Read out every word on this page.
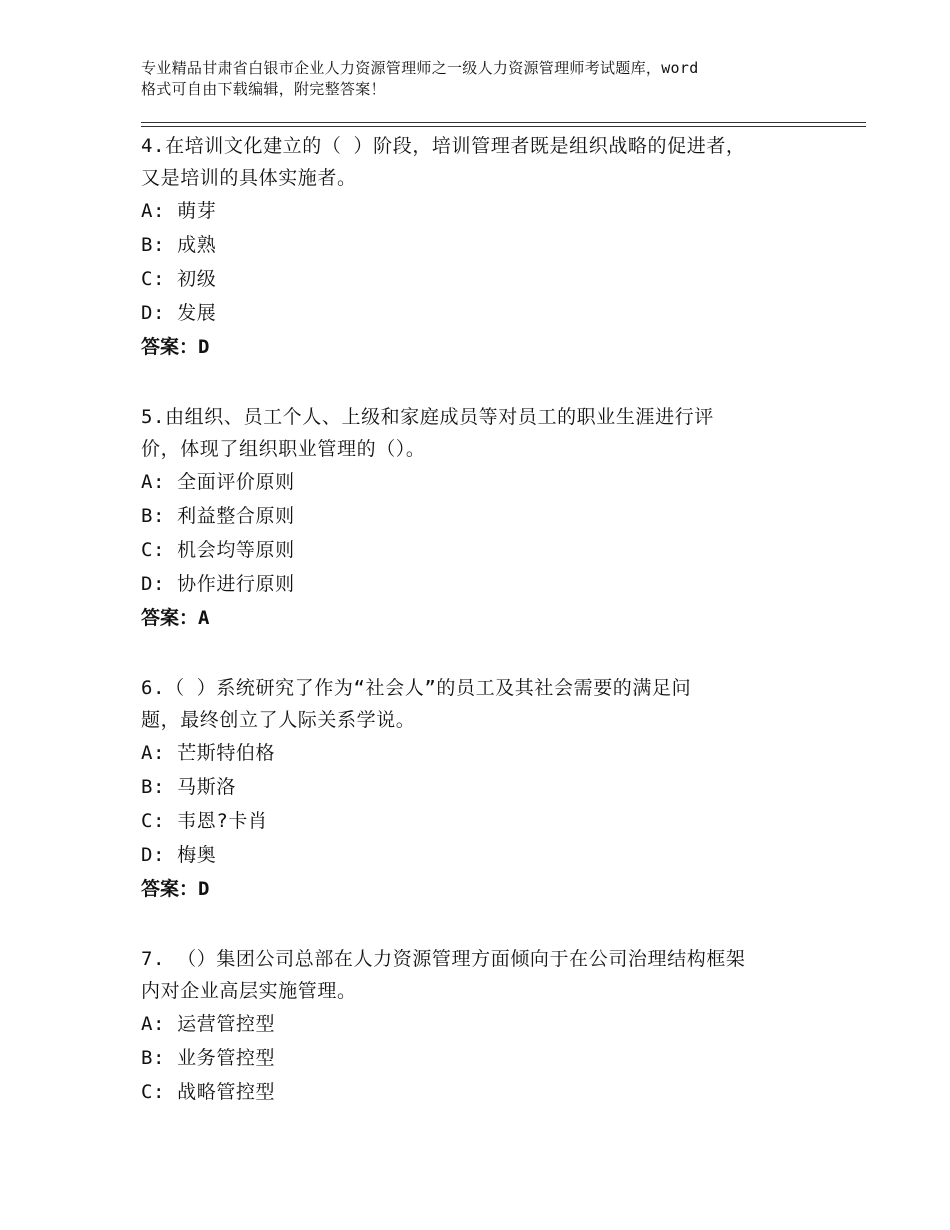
专业精品甘肃省白银市企业人力资源管理师之一级人力资源管理师考试题库，word
格式可自由下载编辑，附完整答案！
4.在培训文化建立的（ ）阶段，培训管理者既是组织战略的促进者，
又是培训的具体实施者。
A: 萌芽
B: 成熟
C: 初级
D: 发展
答案：D
5.由组织、员工个人、上级和家庭成员等对员工的职业生涯进行评
价，体现了组织职业管理的（）。
A: 全面评价原则
B: 利益整合原则
C: 机会均等原则
D: 协作进行原则
答案：A
6.（ ）系统研究了作为“社会人”的员工及其社会需要的满足问
题，最终创立了人际关系学说。
A: 芒斯特伯格
B: 马斯洛
C: 韦恩?卡肖
D: 梅奥
答案：D
7. （）集团公司总部在人力资源管理方面倾向于在公司治理结构框架
内对企业高层实施管理。
A: 运营管控型
B: 业务管控型
C: 战略管控型
